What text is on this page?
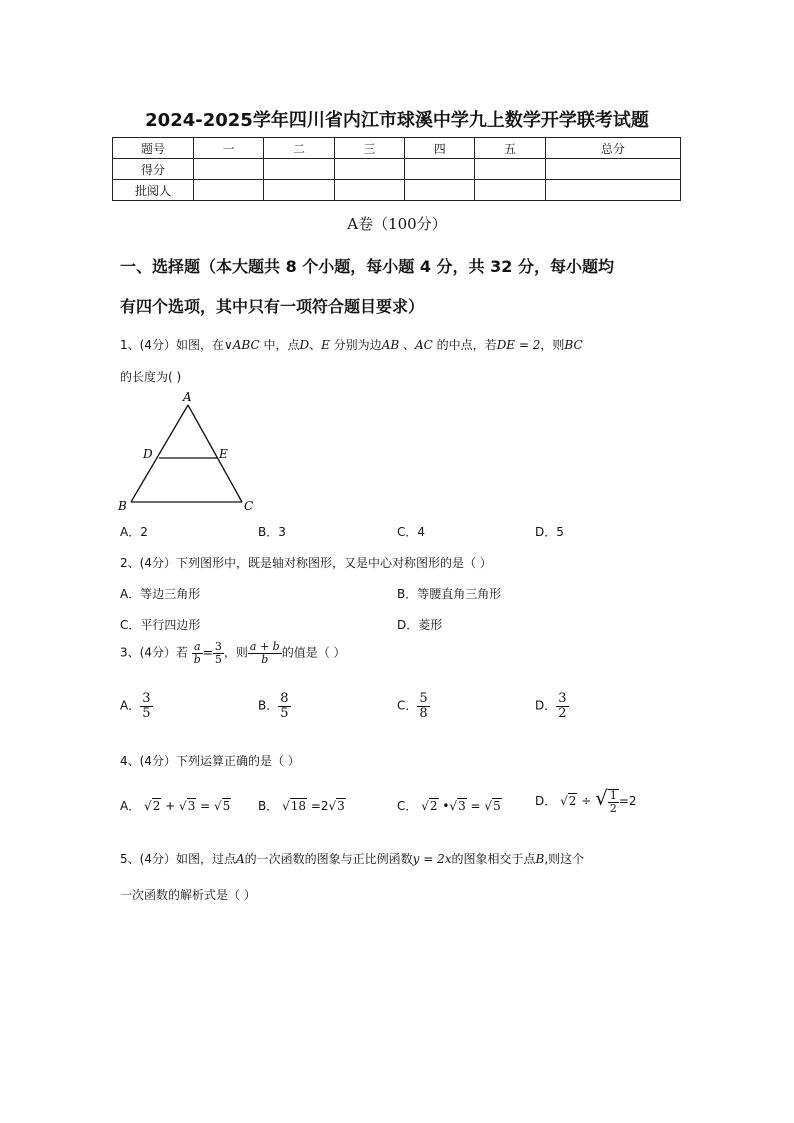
2024-2025学年四川省内江市球溪中学九上数学开学联考试题
题号	一	二	三	四	五	总分
得分						
批阅人						
A卷（100分）
一、选择题（本大题共 8 个小题，每小题 4 分，共 32 分，每小题均
有四个选项，其中只有一项符合题目要求）
1、(4分）如图，在∨ABC 中，点D、E 分别为边AB 、AC 的中点，若DE = 2，则BC
的长度为( )
A
D	E
B	C
A．2	B．3	C．4	D．5
2、(4分）下列图形中，既是轴对称图形，又是中心对称图形的是（ ）
A．等边三角形	B．等腰直角三角形
C．平行四边形	D．菱形
3、(4分）若 $\frac{a}{b} = \frac{3}{5}$ ，则 $\frac{a + b}{b}$ 的值是（ ）
A． $\frac{3}{5}$	B． $\frac{8}{5}$	C． $\frac{5}{8}$	D． $\frac{3}{2}$
4、(4分）下列运算正确的是（ ）
A． √2 + √3 = √5 B． √18 =2√3	C． √2 •√3 = √5	D． √2 ÷ √ $\frac{1}{2} =2$
5、(4分）如图，过点A的一次函数的图象与正比例函数y = 2x的图象相交于点B,则这个
一次函数的解析式是（ ）
